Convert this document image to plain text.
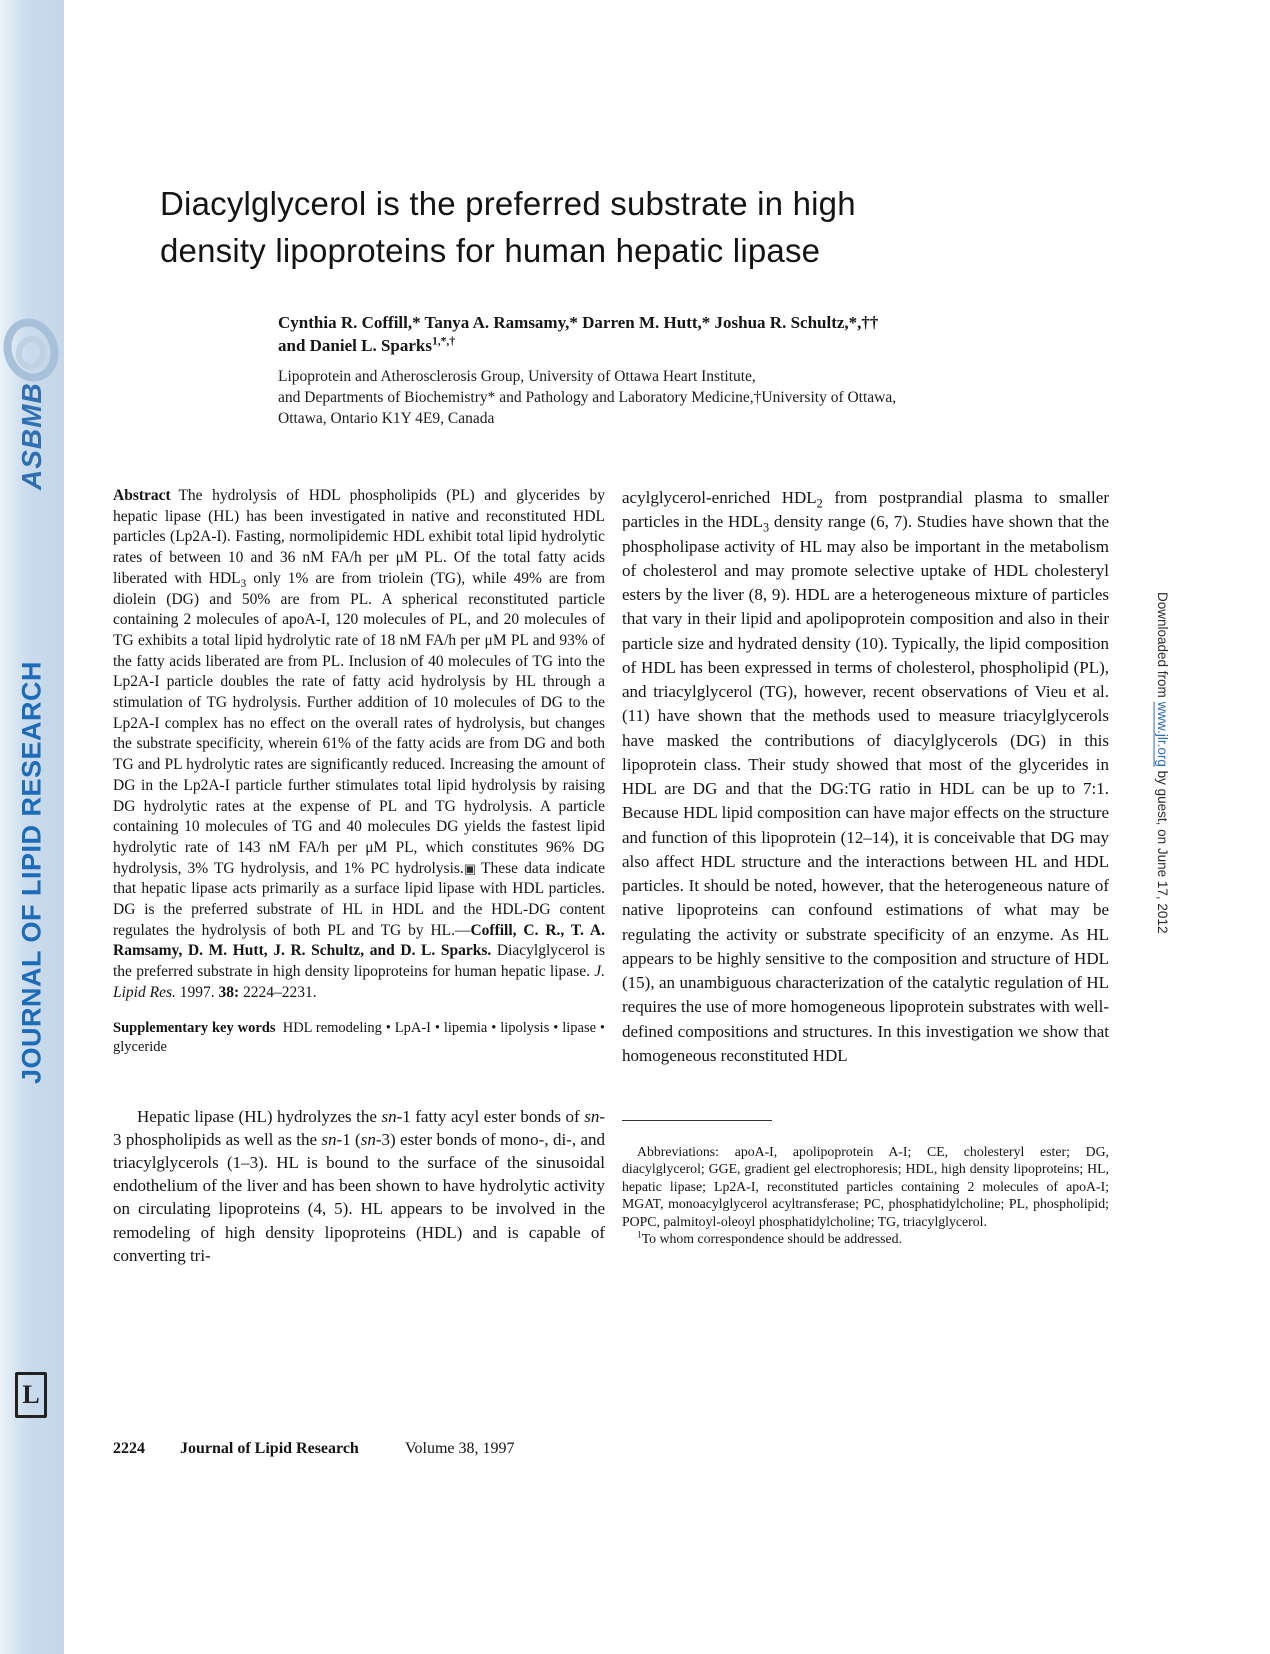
ASBMB
JOURNAL OF LIPID RESEARCH
L
Downloaded from www.jlr.org by guest, on June 17, 2012
Diacylglycerol is the preferred substrate in high
density lipoproteins for human hepatic lipase
Cynthia R. Coffill,* Tanya A. Ramsamy,* Darren M. Hutt,* Joshua R. Schultz,*,††
and Daniel L. Sparks$^{1,*,\dagger}$
Lipoprotein and Atherosclerosis Group, University of Ottawa Heart Institute,
and Departments of Biochemistry* and Pathology and Laboratory Medicine,†University of Ottawa,
Ottawa, Ontario K1Y 4E9, Canada

Abstract The hydrolysis of HDL phospholipids (PL) and glycerides by hepatic lipase (HL) has been investigated in native and reconstituted HDL particles (Lp2A-I). Fasting, normolipidemic HDL exhibit total lipid hydrolytic rates of between 10 and 36 nM FA/h per μM PL. Of the total fatty acids liberated with $HDL_3$ only 1% are from triolein (TG), while 49% are from diolein (DG) and 50% are from PL. A spherical reconstituted particle containing 2 molecules of apoA-I, 120 molecules of PL, and 20 molecules of TG exhibits a total lipid hydrolytic rate of 18 nM FA/h per μM PL and 93% of the fatty acids liberated are from PL. Inclusion of 40 molecules of TG into the Lp2A-I particle doubles the rate of fatty acid hydrolysis by HL through a stimulation of TG hydrolysis. Further addition of 10 molecules of DG to the Lp2A-I complex has no effect on the overall rates of hydrolysis, but changes the substrate specificity, wherein 61% of the fatty acids are from DG and both TG and PL hydrolytic rates are significantly reduced. Increasing the amount of DG in the Lp2A-I particle further stimulates total lipid hydrolysis by raising DG hydrolytic rates at the expense of PL and TG hydrolysis. A particle containing 10 molecules of TG and 40 molecules DG yields the fastest lipid hydrolytic rate of 143 nM FA/h per μM PL, which constitutes 96% DG hydrolysis, 3% TG hydrolysis, and 1% PC hydrolysis.▣ These data indicate that hepatic lipase acts primarily as a surface lipid lipase with HDL particles. DG is the preferred substrate of HL in HDL and the HDL-DG content regulates the hydrolysis of both PL and TG by HL.—Coffill, C. R., T. A. Ramsamy, D. M. Hutt, J. R. Schultz, and D. L. Sparks. Diacylglycerol is the preferred substrate in high density lipoproteins for human hepatic lipase. J. Lipid Res. 1997. 38: 2224–2231.

Supplementary key words HDL remodeling • LpA-I • lipemia • lipolysis • lipase • glyceride

Hepatic lipase (HL) hydrolyzes the sn-1 fatty acyl ester bonds of sn-3 phospholipids as well as the sn-1 (sn-3) ester bonds of mono-, di-, and triacylglycerols (1–3). HL is bound to the surface of the sinusoidal endothelium of the liver and has been shown to have hydrolytic activity on circulating lipoproteins (4, 5). HL appears to be involved in the remodeling of high density lipoproteins (HDL) and is capable of converting tri-

acylglycerol-enriched $HDL_2$ from postprandial plasma to smaller particles in the $HDL_3$ density range (6, 7). Studies have shown that the phospholipase activity of HL may also be important in the metabolism of cholesterol and may promote selective uptake of HDL cholesteryl esters by the liver (8, 9). HDL are a heterogeneous mixture of particles that vary in their lipid and apolipoprotein composition and also in their particle size and hydrated density (10). Typically, the lipid composition of HDL has been expressed in terms of cholesterol, phospholipid (PL), and triacylglycerol (TG), however, recent observations of Vieu et al. (11) have shown that the methods used to measure triacylglycerols have masked the contributions of diacylglycerols (DG) in this lipoprotein class. Their study showed that most of the glycerides in HDL are DG and that the DG:TG ratio in HDL can be up to 7:1. Because HDL lipid composition can have major effects on the structure and function of this lipoprotein (12–14), it is conceivable that DG may also affect HDL structure and the interactions between HL and HDL particles. It should be noted, however, that the heterogeneous nature of native lipoproteins can confound estimations of what may be regulating the activity or substrate specificity of an enzyme. As HL appears to be highly sensitive to the composition and structure of HDL (15), an unambiguous characterization of the catalytic regulation of HL requires the use of more homogeneous lipoprotein substrates with well-defined compositions and structures. In this investigation we show that homogeneous reconstituted HDL

Abbreviations: apoA-I, apolipoprotein A-I; CE, cholesteryl ester; DG, diacylglycerol; GGE, gradient gel electrophoresis; HDL, high density lipoproteins; HL, hepatic lipase; Lp2A-I, reconstituted particles containing 2 molecules of apoA-I; MGAT, monoacylglycerol acyltransferase; PC, phosphatidylcholine; PL, phospholipid; POPC, palmitoyl-oleoyl phosphatidylcholine; TG, triacylglycerol.

$^1$To whom correspondence should be addressed.

2224 Journal of Lipid Research	Volume 38, 1997
